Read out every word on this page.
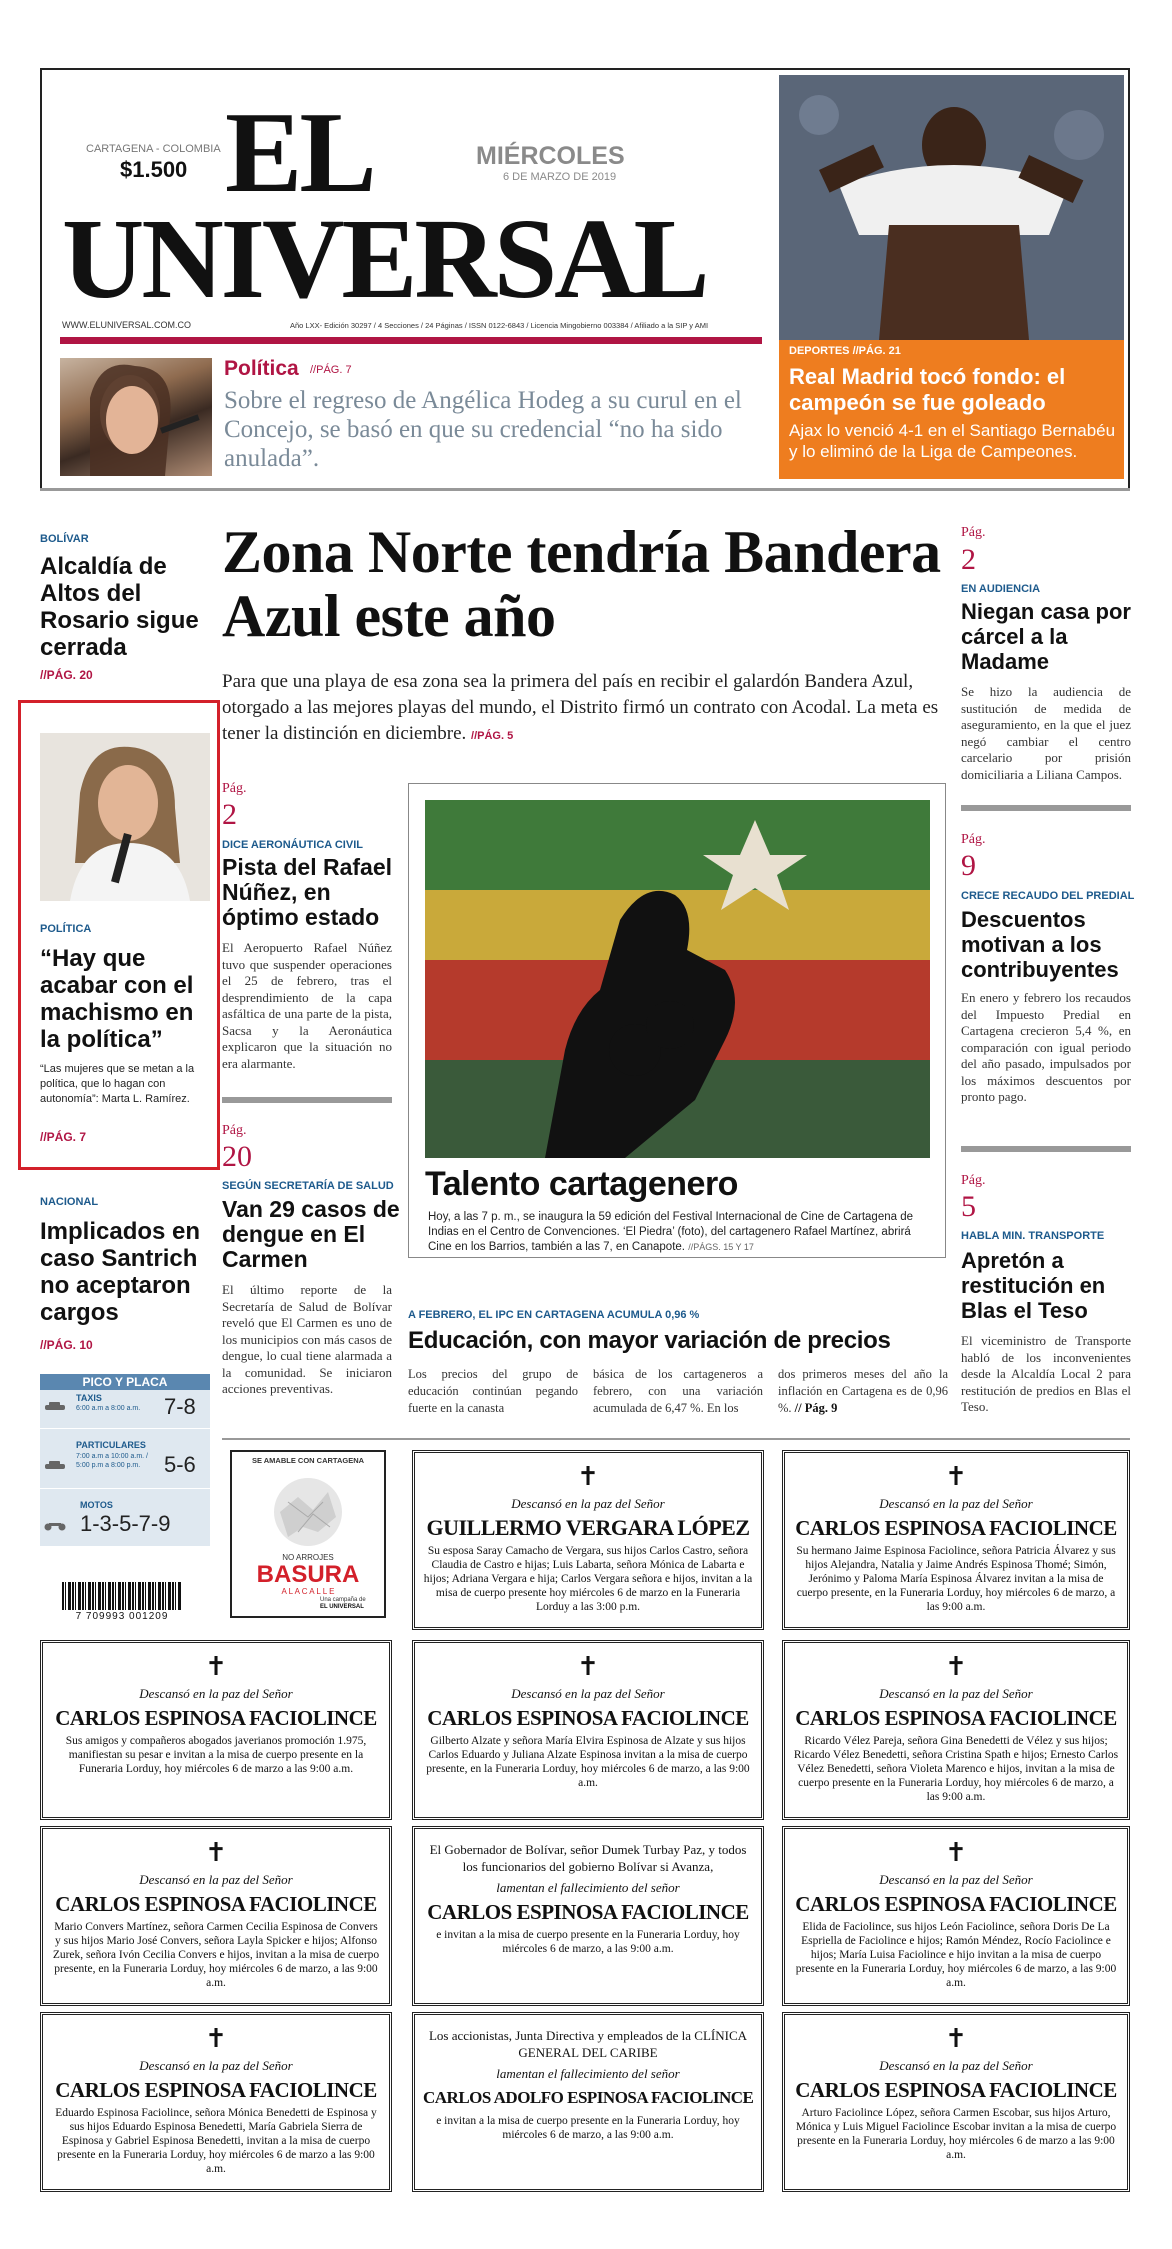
CARTAGENA - COLOMBIA
$1.500 EL
UNIVERSAL
MIÉRCOLES
6 DE MARZO DE 2019
WWW.ELUNIVERSAL.COM.CO	Año LXX- Edición 30297 / 4 Secciones / 24 Páginas / ISSN 0122-6843 / Licencia Mingobierno 003384 / Afiliado a la SIP y AMI
Política //PÁG. 7
Sobre el regreso de Angélica Hodeg a su curul en el Concejo, se basó en que su credencial “no ha sido anulada”.
DEPORTES //PÁG. 21
Real Madrid tocó fondo: el campeón se fue goleado
Ajax lo venció 4-1 en el Santiago Bernabéu y lo eliminó de la Liga de Campeones.
BOLÍVAR
Alcaldía de Altos del Rosario sigue cerrada
//PÁG. 20
POLÍTICA
“Hay que acabar con el machismo en la política”
“Las mujeres que se metan a la política, que lo hagan con autonomía”: Marta L. Ramírez.
//PÁG. 7
NACIONAL
Implicados en caso Santrich no aceptaron cargos
//PÁG. 10
PICO Y PLACA
TAXIS
6:00 a.m a 8:00 a.m. 7-8
PARTICULARES
7:00 a.m a 10:00 a.m. / 5:00 p.m a 8:00 p.m.	5-6
MOTOS
1-3-5-7-9
Zona Norte tendría Bandera Azul este año
Para que una playa de esa zona sea la primera del país en recibir el galardón Bandera Azul, otorgado a las mejores playas del mundo, el Distrito firmó un contrato con Acodal. La meta es tener la distinción en diciembre. //PÁG. 5
Pág.
2
DICE AERONÁUTICA CIVIL
Pista del Rafael Núñez, en óptimo estado
El Aeropuerto Rafael Núñez tuvo que suspender operaciones el 25 de febrero, tras el desprendimiento de la capa asfáltica de una parte de la pista, Sacsa y la Aeronáutica explicaron que la situación no era alarmante.
Pág.
20
SEGÚN SECRETARÍA DE SALUD
Van 29 casos de dengue en El Carmen
El último reporte de la Secretaría de Salud de Bolívar reveló que El Carmen es uno de los municipios con más casos de dengue, lo cual tiene alarmada a la comunidad. Se iniciaron acciones preventivas.
Talento cartagenero
Hoy, a las 7 p. m., se inaugura la 59 edición del Festival Internacional de Cine de Cartagena de Indias en el Centro de Convenciones. ‘El Piedra’ (foto), del cartagenero Rafael Martínez, abrirá Cine en los Barrios, también a las 7, en Canapote. //PÁGS. 15 Y 17
A FEBRERO, EL IPC EN CARTAGENA ACUMULA 0,96 %
Educación, con mayor variación de precios
Los precios del grupo de educación continúan pegando fuerte en la canasta
básica de los cartageneros a febrero, con una variación acumulada de 6,47 %. En los
dos primeros meses del año la inflación en Cartagena es de 0,96 %. // Pág. 9
Pág.
2
EN AUDIENCIA
Niegan casa por cárcel a la Madame
Se hizo la audiencia de sustitución de medida de aseguramiento, en la que el juez negó cambiar el centro carcelario por prisión domiciliaria a Liliana Campos.
Pág.
9
CRECE RECAUDO DEL PREDIAL
Descuentos motivan a los contribuyentes
En enero y febrero los recaudos del Impuesto Predial en Cartagena crecieron 5,4 %, en comparación con igual periodo del año pasado, impulsados por los máximos descuentos por pronto pago.
Pág.
5
HABLA MIN. TRANSPORTE
Apretón a restitución en Blas el Teso
El viceministro de Transporte habló de los inconvenientes desde la Alcaldía Local 2 para restitución de predios en Blas el Teso.
SE AMABLE CON CARTAGENA
NO ARROJES
BASURA
A L A C A L L E
Una campaña de
EL UNIVERSAL
7 709993 001209
✝
Descansó en la paz del Señor
GUILLERMO VERGARA LÓPEZ
Su esposa Saray Camacho de Vergara, sus hijos Carlos Castro, señora Claudia de Castro e hijas; Luis Labarta, señora Mónica de Labarta e hijos; Adriana Vergara e hija; Carlos Vergara señora e hijos, invitan a la misa de cuerpo presente hoy miércoles 6 de marzo en la Funeraria Lorduy a las 3:00 p.m.
✝
Descansó en la paz del Señor
CARLOS ESPINOSA FACIOLINCE
Su hermano Jaime Espinosa Faciolince, señora Patricia Álvarez y sus hijos Alejandra, Natalia y Jaime Andrés Espinosa Thomé; Simón, Jerónimo y Paloma María Espinosa Álvarez invitan a la misa de cuerpo presente, en la Funeraria Lorduy, hoy miércoles 6 de marzo, a las 9:00 a.m.
✝
Descansó en la paz del Señor
CARLOS ESPINOSA FACIOLINCE
Sus amigos y compañeros abogados javerianos promoción 1.975, manifiestan su pesar e invitan a la misa de cuerpo presente en la Funeraria Lorduy, hoy miércoles 6 de marzo a las 9:00 a.m.
✝
Descansó en la paz del Señor
CARLOS ESPINOSA FACIOLINCE
Gilberto Alzate y señora María Elvira Espinosa de Alzate y sus hijos Carlos Eduardo y Juliana Alzate Espinosa invitan a la misa de cuerpo presente, en la Funeraria Lorduy, hoy miércoles 6 de marzo, a las 9:00 a.m.
✝
Descansó en la paz del Señor
CARLOS ESPINOSA FACIOLINCE
Ricardo Vélez Pareja, señora Gina Benedetti de Vélez y sus hijos; Ricardo Vélez Benedetti, señora Cristina Spath e hijos; Ernesto Carlos Vélez Benedetti, señora Violeta Marenco e hijos, invitan a la misa de cuerpo presente en la Funeraria Lorduy, hoy miércoles 6 de marzo, a las 9:00 a.m.
✝
Descansó en la paz del Señor
CARLOS ESPINOSA FACIOLINCE
Mario Convers Martínez, señora Carmen Cecilia Espinosa de Convers y sus hijos Mario José Convers, señora Layla Spicker e hijos; Alfonso Zurek, señora Ivón Cecilia Convers e hijos, invitan a la misa de cuerpo presente, en la Funeraria Lorduy, hoy miércoles 6 de marzo, a las 9:00 a.m.
El Gobernador de Bolívar, señor Dumek Turbay Paz, y todos los funcionarios del gobierno Bolívar si Avanza,
lamentan el fallecimiento del señor
CARLOS ESPINOSA FACIOLINCE
e invitan a la misa de cuerpo presente en la Funeraria Lorduy, hoy miércoles 6 de marzo, a las 9:00 a.m.
✝
Descansó en la paz del Señor
CARLOS ESPINOSA FACIOLINCE
Elida de Faciolince, sus hijos León Faciolince, señora Doris De La Espriella de Faciolince e hijos; Ramón Méndez, Rocío Faciolince e hijos; María Luisa Faciolince e hijo invitan a la misa de cuerpo presente en la Funeraria Lorduy, hoy miércoles 6 de marzo, a las 9:00 a.m.
✝
Descansó en la paz del Señor
CARLOS ESPINOSA FACIOLINCE
Eduardo Espinosa Faciolince, señora Mónica Benedetti de Espinosa y sus hijos Eduardo Espinosa Benedetti, María Gabriela Sierra de Espinosa y Gabriel Espinosa Benedetti, invitan a la misa de cuerpo presente en la Funeraria Lorduy, hoy miércoles 6 de marzo a las 9:00 a.m.
Los accionistas, Junta Directiva y empleados de la CLÍNICA GENERAL DEL CARIBE
lamentan el fallecimiento del señor
CARLOS ADOLFO ESPINOSA FACIOLINCE
e invitan a la misa de cuerpo presente en la Funeraria Lorduy, hoy miércoles 6 de marzo, a las 9:00 a.m.
✝
Descansó en la paz del Señor
CARLOS ESPINOSA FACIOLINCE
Arturo Faciolince López, señora Carmen Escobar, sus hijos Arturo, Mónica y Luis Miguel Faciolince Escobar invitan a la misa de cuerpo presente en la Funeraria Lorduy, hoy miércoles 6 de marzo a las 9:00 a.m.
